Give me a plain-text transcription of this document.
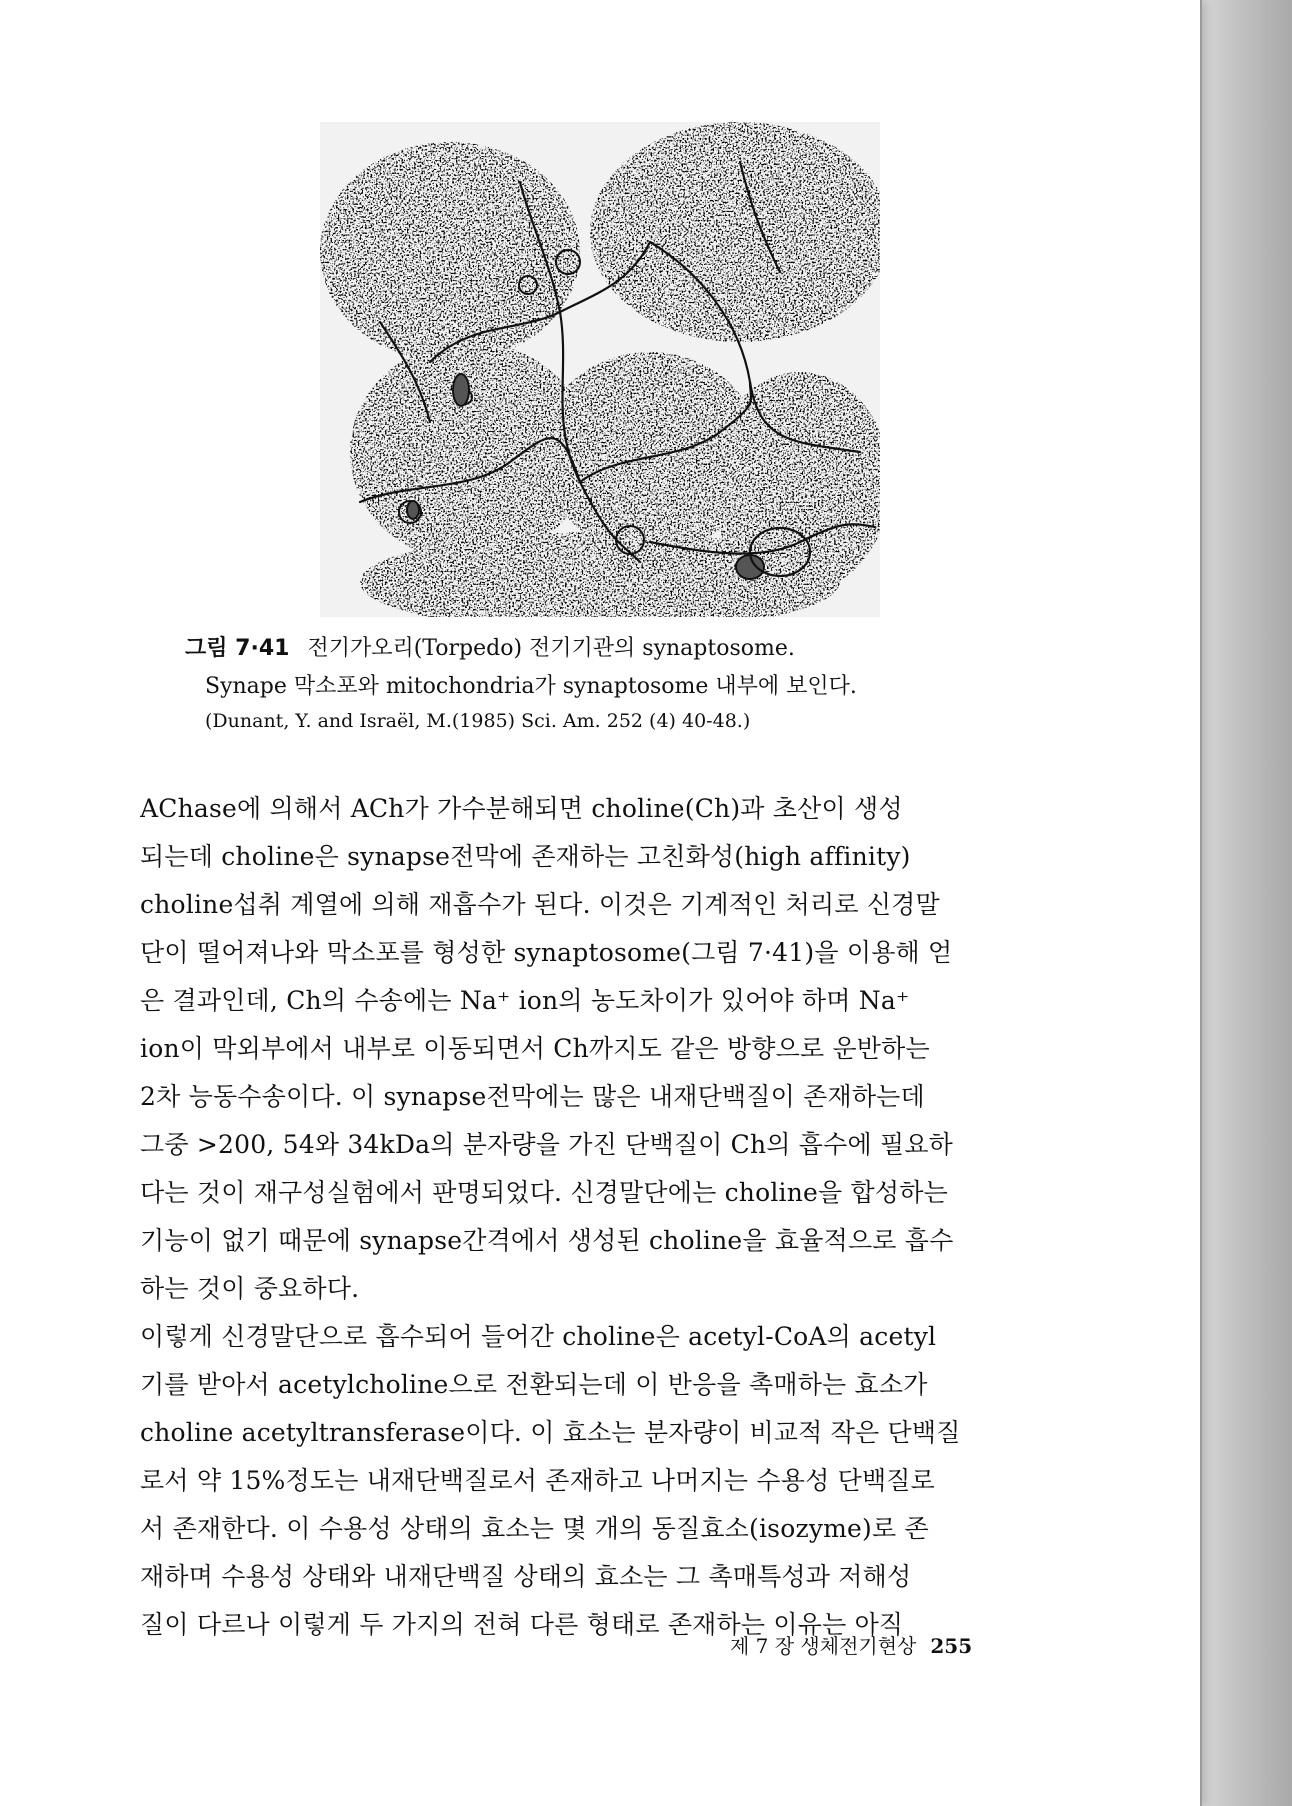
그림 7·41 전기가오리(Torpedo) 전기기관의 synaptosome.
Synape 막소포와 mitochondria가 synaptosome 내부에 보인다.
(Dunant, Y. and Israël, M.(1985) Sci. Am. 252 (4) 40-48.)
AChase에 의해서 ACh가 가수분해되면 choline(Ch)과 초산이 생성
되는데 choline은 synapse전막에 존재하는 고친화성(high affinity)
choline섭취 계열에 의해 재흡수가 된다. 이것은 기계적인 처리로 신경말
단이 떨어져나와 막소포를 형성한 synaptosome(그림 7·41)을 이용해 얻
은 결과인데, Ch의 수송에는 Na⁺ ion의 농도차이가 있어야 하며 Na⁺
ion이 막외부에서 내부로 이동되면서 Ch까지도 같은 방향으로 운반하는
2차 능동수송이다. 이 synapse전막에는 많은 내재단백질이 존재하는데
그중 >200, 54와 34kDa의 분자량을 가진 단백질이 Ch의 흡수에 필요하
다는 것이 재구성실험에서 판명되었다. 신경말단에는 choline을 합성하는
기능이 없기 때문에 synapse간격에서 생성된 choline을 효율적으로 흡수
하는 것이 중요하다.
이렇게 신경말단으로 흡수되어 들어간 choline은 acetyl-CoA의 acetyl
기를 받아서 acetylcholine으로 전환되는데 이 반응을 촉매하는 효소가
choline acetyltransferase이다. 이 효소는 분자량이 비교적 작은 단백질
로서 약 15%정도는 내재단백질로서 존재하고 나머지는 수용성 단백질로
서 존재한다. 이 수용성 상태의 효소는 몇 개의 동질효소(isozyme)로 존
재하며 수용성 상태와 내재단백질 상태의 효소는 그 촉매특성과 저해성
질이 다르나 이렇게 두 가지의 전혀 다른 형태로 존재하는 이유는 아직
제 7 장 생체전기현상 255
